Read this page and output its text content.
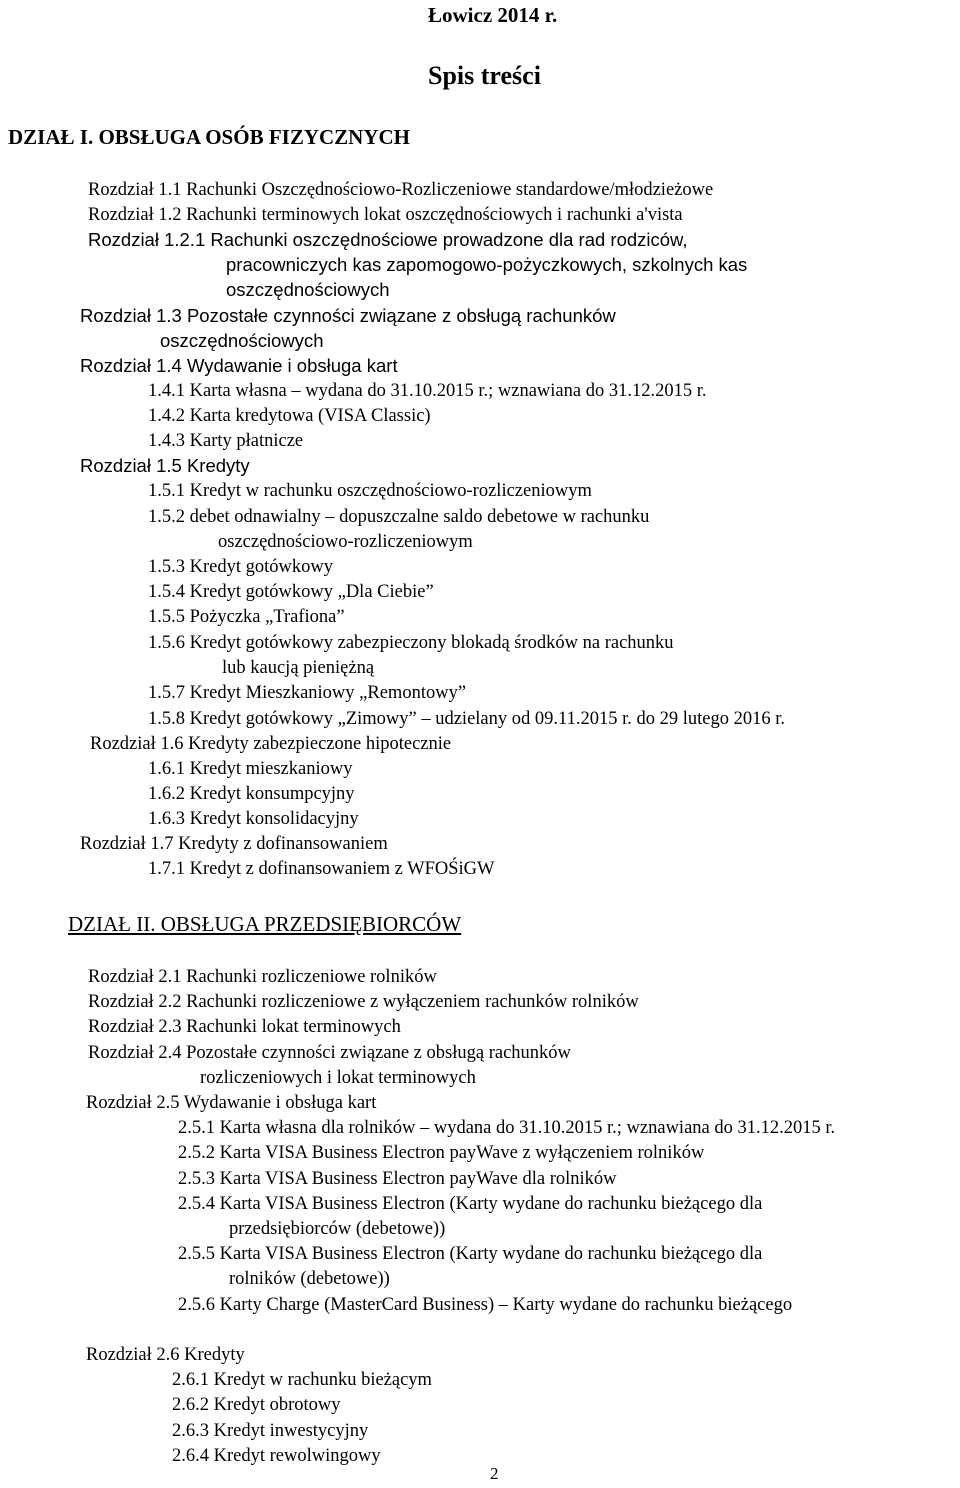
Łowicz 2014 r.
Spis treści
DZIAŁ I. OBSŁUGA OSÓB FIZYCZNYCH
Rozdział 1.1 Rachunki Oszczędnościowo-Rozliczeniowe standardowe/młodzieżowe
Rozdział 1.2 Rachunki terminowych lokat oszczędnościowych i rachunki a'vista
Rozdział 1.2.1 Rachunki oszczędnościowe prowadzone dla rad rodziców,
pracowniczych kas zapomogowo-pożyczkowych, szkolnych kas
oszczędnościowych
Rozdział 1.3 Pozostałe czynności związane z obsługą rachunków
oszczędnościowych
Rozdział 1.4 Wydawanie i obsługa kart
1.4.1 Karta własna – wydana do 31.10.2015 r.; wznawiana do 31.12.2015 r.
1.4.2 Karta kredytowa (VISA Classic)
1.4.3 Karty płatnicze
Rozdział 1.5 Kredyty
1.5.1 Kredyt w rachunku oszczędnościowo-rozliczeniowym
1.5.2 debet odnawialny – dopuszczalne saldo debetowe w rachunku
oszczędnościowo-rozliczeniowym
1.5.3 Kredyt gotówkowy
1.5.4 Kredyt gotówkowy „Dla Ciebie”
1.5.5 Pożyczka „Trafiona”
1.5.6 Kredyt gotówkowy zabezpieczony blokadą środków na rachunku
lub kaucją pieniężną
1.5.7 Kredyt Mieszkaniowy „Remontowy”
1.5.8 Kredyt gotówkowy „Zimowy” – udzielany od 09.11.2015 r. do 29 lutego 2016 r.
Rozdział 1.6 Kredyty zabezpieczone hipotecznie
1.6.1 Kredyt mieszkaniowy
1.6.2 Kredyt konsumpcyjny
1.6.3 Kredyt konsolidacyjny
Rozdział 1.7 Kredyty z dofinansowaniem
1.7.1 Kredyt z dofinansowaniem z WFOŚiGW
DZIAŁ II. OBSŁUGA PRZEDSIĘBIORCÓW
Rozdział 2.1 Rachunki rozliczeniowe rolników
Rozdział 2.2 Rachunki rozliczeniowe z wyłączeniem rachunków rolników
Rozdział 2.3 Rachunki lokat terminowych
Rozdział 2.4 Pozostałe czynności związane z obsługą rachunków
rozliczeniowych i lokat terminowych
Rozdział 2.5 Wydawanie i obsługa kart
2.5.1 Karta własna dla rolników – wydana do 31.10.2015 r.; wznawiana do 31.12.2015 r.
2.5.2 Karta VISA Business Electron payWave z wyłączeniem rolników
2.5.3 Karta VISA Business Electron payWave dla rolników
2.5.4 Karta VISA Business Electron (Karty wydane do rachunku bieżącego dla
przedsiębiorców (debetowe))
2.5.5 Karta VISA Business Electron (Karty wydane do rachunku bieżącego dla
rolników (debetowe))
2.5.6 Karty Charge (MasterCard Business) – Karty wydane do rachunku bieżącego
Rozdział 2.6 Kredyty
2.6.1 Kredyt w rachunku bieżącym
2.6.2 Kredyt obrotowy
2.6.3 Kredyt inwestycyjny
2.6.4 Kredyt rewolwingowy
2
